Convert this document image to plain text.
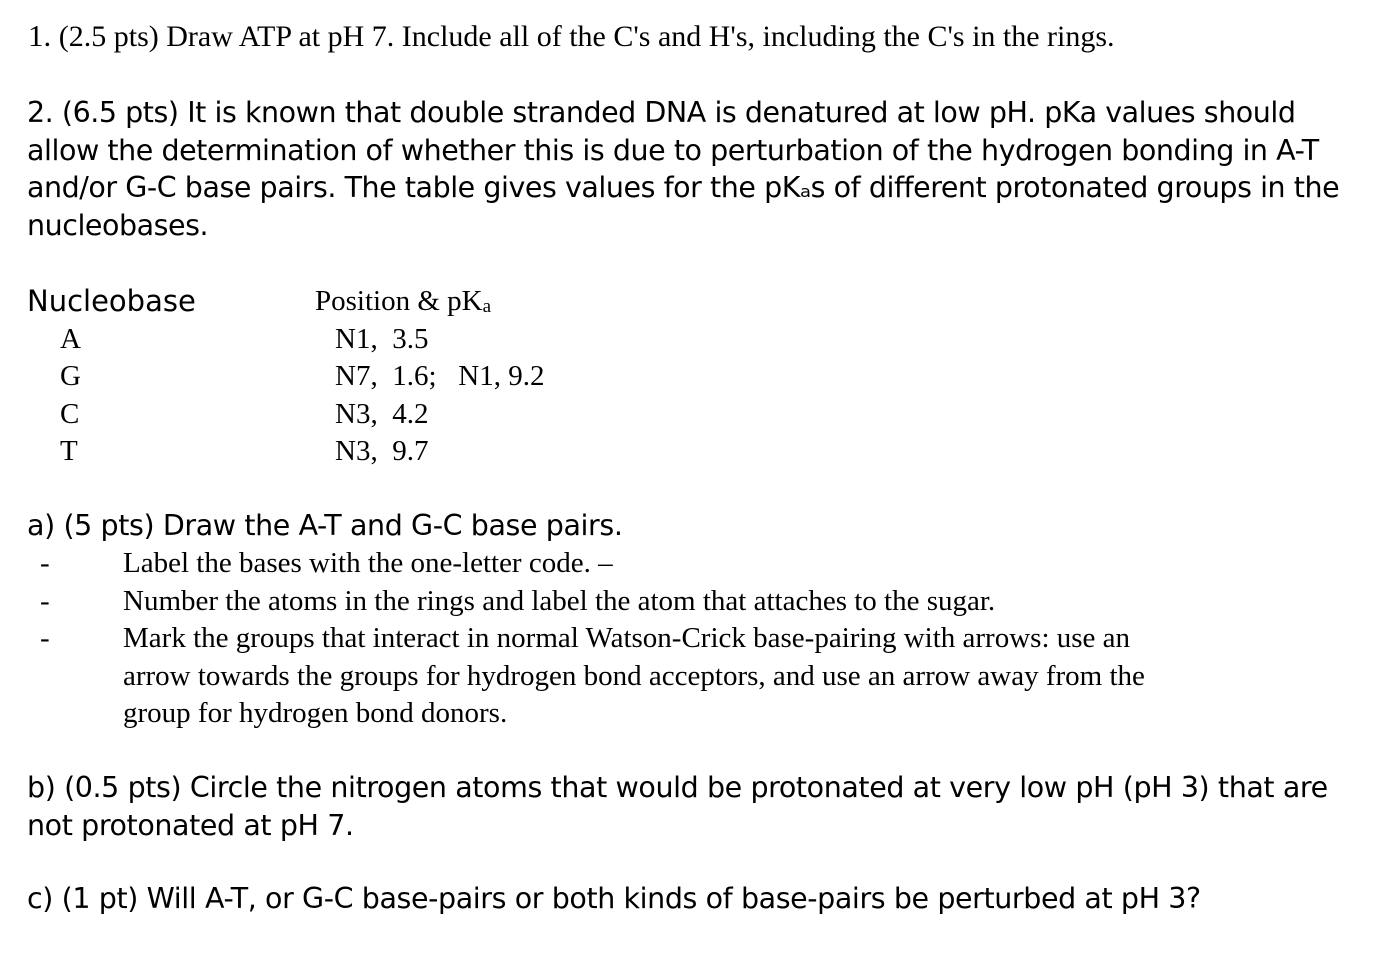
1. (2.5 pts) Draw ATP at pH 7. Include all of the C's and H's, including the C's in the rings.
2. (6.5 pts) It is known that double stranded DNA is denatured at low pH. pKa values should
allow the determination of whether this is due to perturbation of the hydrogen bonding in A-T
and/or G-C base pairs. The table gives values for the pKₐs of different protonated groups in the
nucleobases.
Nucleobase	Position & $pK_a$
A	N1,  3.5
G	N7,  1.6;   N1, 9.2
C	N3,  4.2
T	N3,  9.7
a) (5 pts) Draw the A-T and G-C base pairs.
-	Label the bases with the one-letter code. –
-	Number the atoms in the rings and label the atom that attaches to the sugar.
-	Mark the groups that interact in normal Watson-Crick base-pairing with arrows: use an
arrow towards the groups for hydrogen bond acceptors, and use an arrow away from the
group for hydrogen bond donors.
b) (0.5 pts) Circle the nitrogen atoms that would be protonated at very low pH (pH 3) that are
not protonated at pH 7.
c) (1 pt) Will A-T, or G-C base-pairs or both kinds of base-pairs be perturbed at pH 3?
